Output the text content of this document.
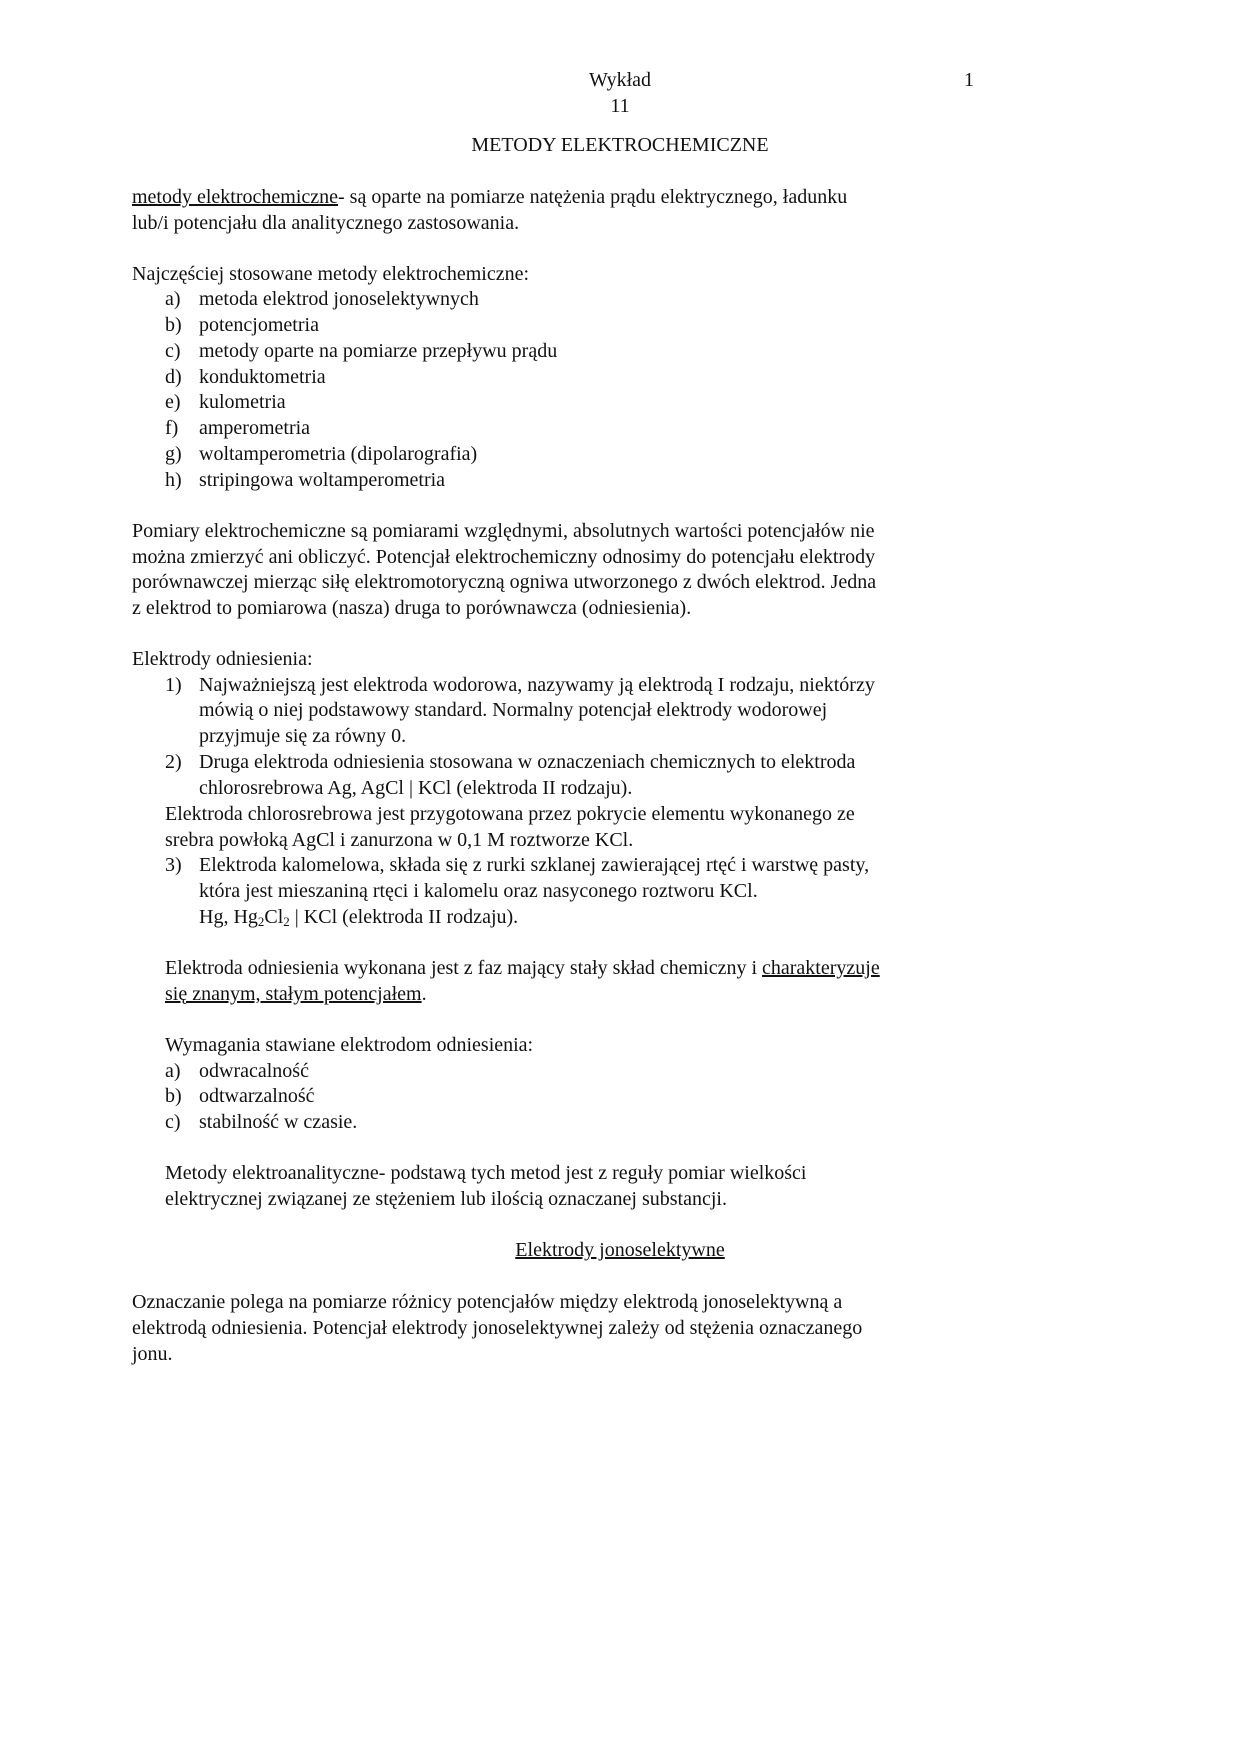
Wykład	1
11
METODY ELEKTROCHEMICZNE
metody elektrochemiczne- są oparte na pomiarze natężenia prądu elektrycznego, ładunku
lub/i potencjału dla analitycznego zastosowania.
Najczęściej stosowane metody elektrochemiczne:
a) metoda elektrod jonoselektywnych
b) potencjometria
c) metody oparte na pomiarze przepływu prądu
d) konduktometria
e) kulometria
f) amperometria
g) woltamperometria (dipolarografia)
h) stripingowa woltamperometria
Pomiary elektrochemiczne są pomiarami względnymi, absolutnych wartości potencjałów nie
można zmierzyć ani obliczyć. Potencjał elektrochemiczny odnosimy do potencjału elektrody
porównawczej mierząc siłę elektromotoryczną ogniwa utworzonego z dwóch elektrod. Jedna
z elektrod to pomiarowa (nasza) druga to porównawcza (odniesienia).
Elektrody odniesienia:
1) Najważniejszą jest elektroda wodorowa, nazywamy ją elektrodą I rodzaju, niektórzy
mówią o niej podstawowy standard. Normalny potencjał elektrody wodorowej
przyjmuje się za równy 0.
2) Druga elektroda odniesienia stosowana w oznaczeniach chemicznych to elektroda
chlorosrebrowa Ag, AgCl | KCl (elektroda II rodzaju).
Elektroda chlorosrebrowa jest przygotowana przez pokrycie elementu wykonanego ze
srebra powłoką AgCl i zanurzona w 0,1 M roztworze KCl.
3) Elektroda kalomelowa, składa się z rurki szklanej zawierającej rtęć i warstwę pasty,
która jest mieszaniną rtęci i kalomelu oraz nasyconego roztworu KCl.
Hg, $Hg_2Cl_2$ | KCl (elektroda II rodzaju).
Elektroda odniesienia wykonana jest z faz mający stały skład chemiczny i charakteryzuje
się znanym, stałym potencjałem.
Wymagania stawiane elektrodom odniesienia:
a) odwracalność
b) odtwarzalność
c) stabilność w czasie.
Metody elektroanalityczne- podstawą tych metod jest z reguły pomiar wielkości
elektrycznej związanej ze stężeniem lub ilością oznaczanej substancji.
Elektrody jonoselektywne
Oznaczanie polega na pomiarze różnicy potencjałów między elektrodą jonoselektywną a
elektrodą odniesienia. Potencjał elektrody jonoselektywnej zależy od stężenia oznaczanego
jonu.
